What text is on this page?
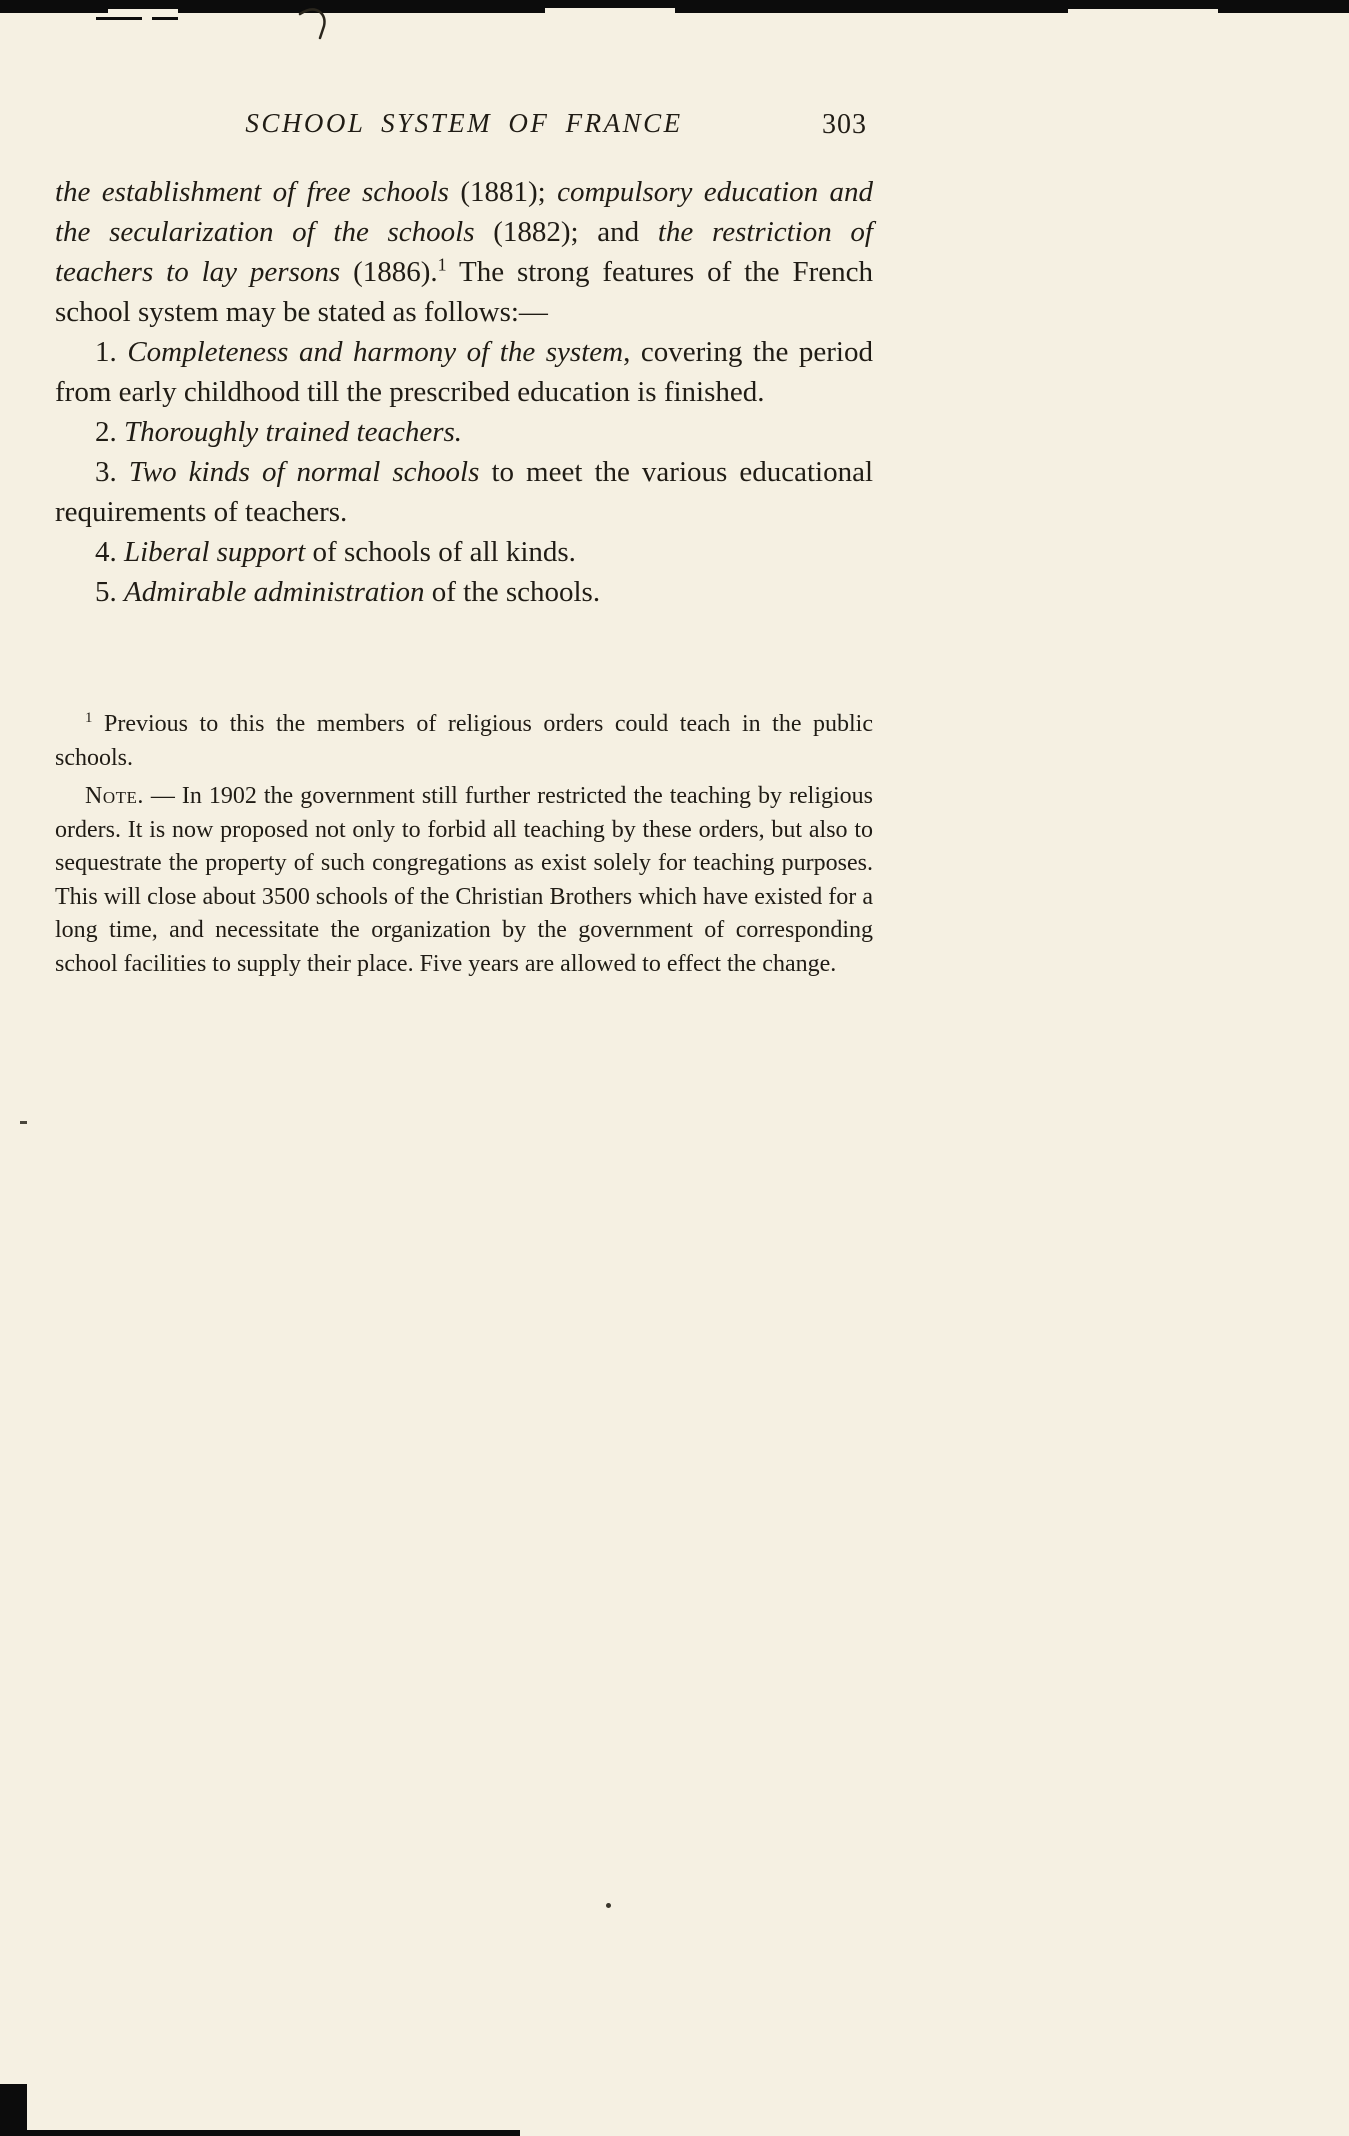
SCHOOL SYSTEM OF FRANCE	303

the establishment of free schools (1881); compulsory education and the secularization of the schools (1882); and the restriction of teachers to lay persons (1886).$^1$ The strong features of the French school system may be stated as follows:—

1. Completeness and harmony of the system, covering the period from early childhood till the prescribed education is finished.

2. Thoroughly trained teachers.

3. Two kinds of normal schools to meet the various educational requirements of teachers.

4. Liberal support of schools of all kinds.

5. Admirable administration of the schools.

$^1$ Previous to this the members of religious orders could teach in the public schools.

Note. — In 1902 the government still further restricted the teaching by religious orders. It is now proposed not only to forbid all teaching by these orders, but also to sequestrate the property of such congregations as exist solely for teaching purposes. This will close about 3500 schools of the Christian Brothers which have existed for a long time, and necessitate the organization by the government of corresponding school facilities to supply their place. Five years are allowed to effect the change.
